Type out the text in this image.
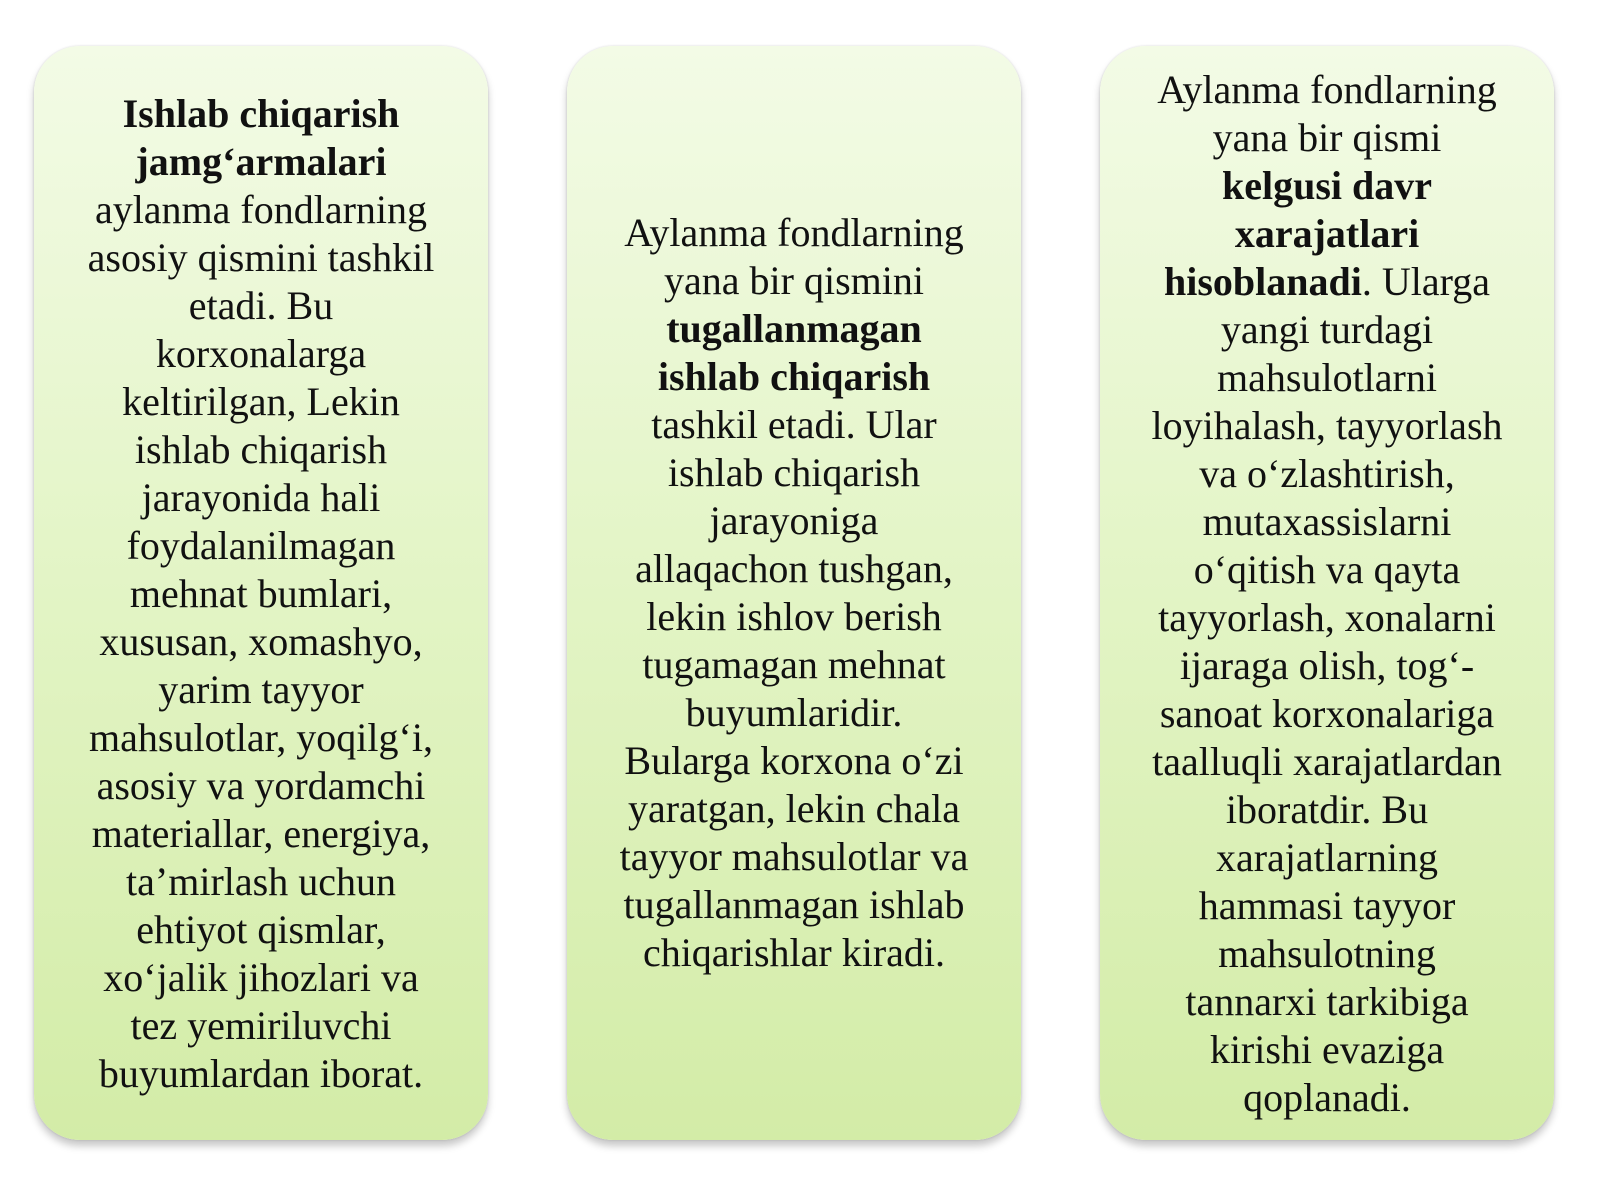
Ishlab chiqarish
jamg‘armalari
aylanma fondlarning
asosiy qismini tashkil
etadi. Bu
korxonalarga
keltirilgan, Lekin
ishlab chiqarish
jarayonida hali
foydalanilmagan
mehnat bumlari,
xususan, xomashyo,
yarim tayyor
mahsulotlar, yoqilg‘i,
asosiy va yordamchi
materiallar, energiya,
ta’mirlash uchun
ehtiyot qismlar,
xo‘jalik jihozlari va
tez yemiriluvchi
buyumlardan iborat.
Aylanma fondlarning
yana bir qismini
tugallanmagan
ishlab chiqarish
tashkil etadi. Ular
ishlab chiqarish
jarayoniga
allaqachon tushgan,
lekin ishlov berish
tugamagan mehnat
buyumlaridir.
Bularga korxona o‘zi
yaratgan, lekin chala
tayyor mahsulotlar va
tugallanmagan ishlab
chiqarishlar kiradi.
Aylanma fondlarning
yana bir qismi
kelgusi davr
xarajatlari
hisoblanadi. Ularga
yangi turdagi
mahsulotlarni
loyihalash, tayyorlash
va o‘zlashtirish,
mutaxassislarni
o‘qitish va qayta
tayyorlash, xonalarni
ijaraga olish, tog‘-
sanoat korxonalariga
taalluqli xarajatlardan
iboratdir. Bu
xarajatlarning
hammasi tayyor
mahsulotning
tannarxi tarkibiga
kirishi evaziga
qoplanadi.
